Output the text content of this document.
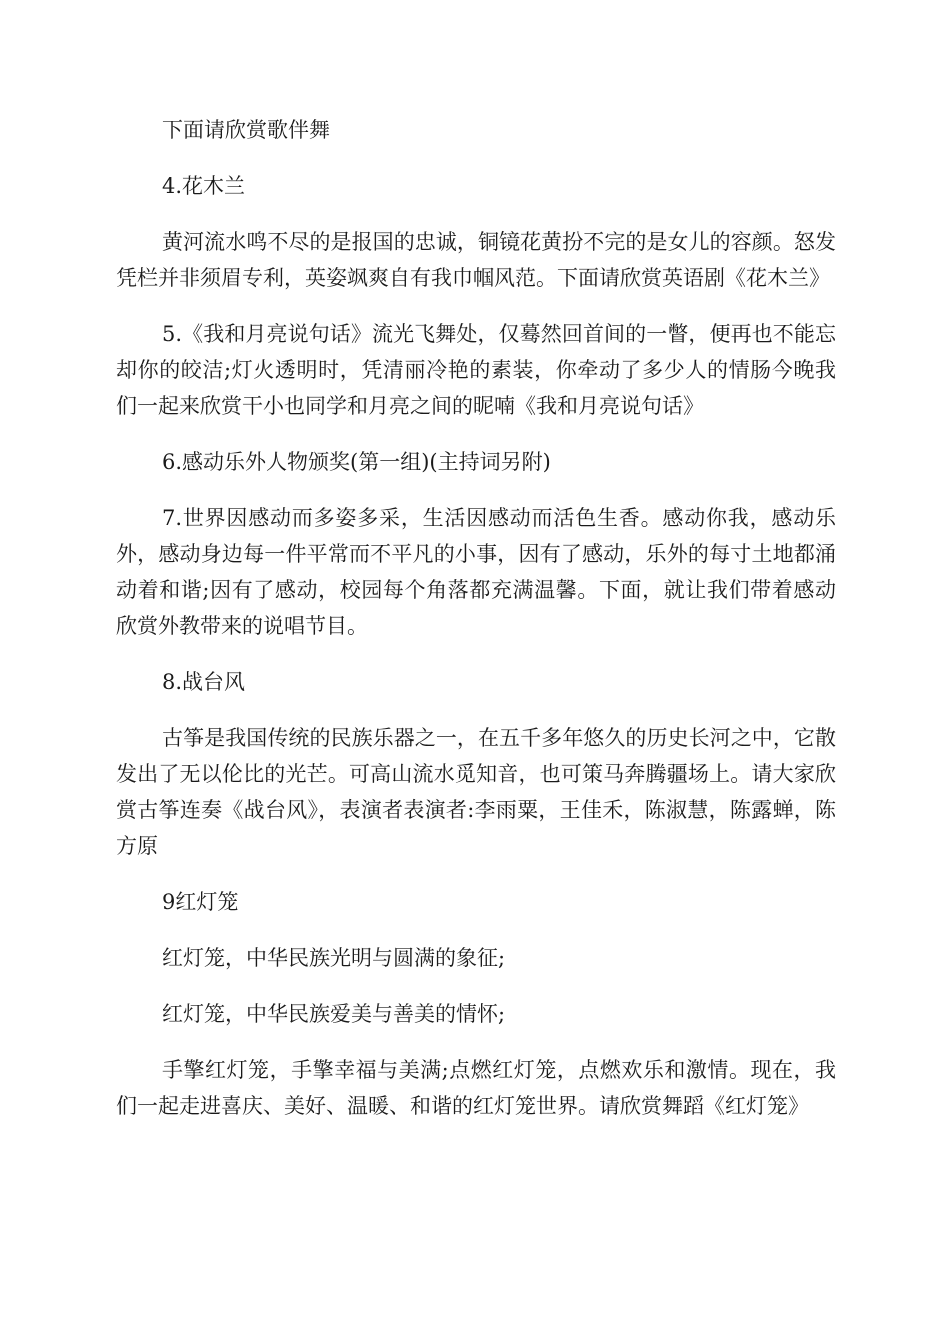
下面请欣赏歌伴舞

4.花木兰

黄河流水鸣不尽的是报国的忠诚，铜镜花黄扮不完的是女儿的容颜。怒发凭栏并非须眉专利，英姿飒爽自有我巾帼风范。下面请欣赏英语剧《花木兰》

5.《我和月亮说句话》流光飞舞处，仅蓦然回首间的一瞥，便再也不能忘却你的皎洁;灯火透明时，凭清丽冷艳的素装，你牵动了多少人的情肠今晚我们一起来欣赏干小也同学和月亮之间的昵喃《我和月亮说句话》

6.感动乐外人物颁奖(第一组)(主持词另附)

7.世界因感动而多姿多采，生活因感动而活色生香。感动你我，感动乐外，感动身边每一件平常而不平凡的小事，因有了感动，乐外的每寸土地都涌动着和谐;因有了感动，校园每个角落都充满温馨。下面，就让我们带着感动欣赏外教带来的说唱节目。

8.战台风

古筝是我国传统的民族乐器之一，在五千多年悠久的历史长河之中，它散发出了无以伦比的光芒。可高山流水觅知音，也可策马奔腾疆场上。请大家欣赏古筝连奏《战台风》，表演者表演者:李雨粟，王佳禾，陈淑慧，陈露蝉，陈方原

9红灯笼

红灯笼，中华民族光明与圆满的象征;

红灯笼，中华民族爱美与善美的情怀;

手擎红灯笼，手擎幸福与美满;点燃红灯笼，点燃欢乐和激情。现在，我们一起走进喜庆、美好、温暖、和谐的红灯笼世界。请欣赏舞蹈《红灯笼》
